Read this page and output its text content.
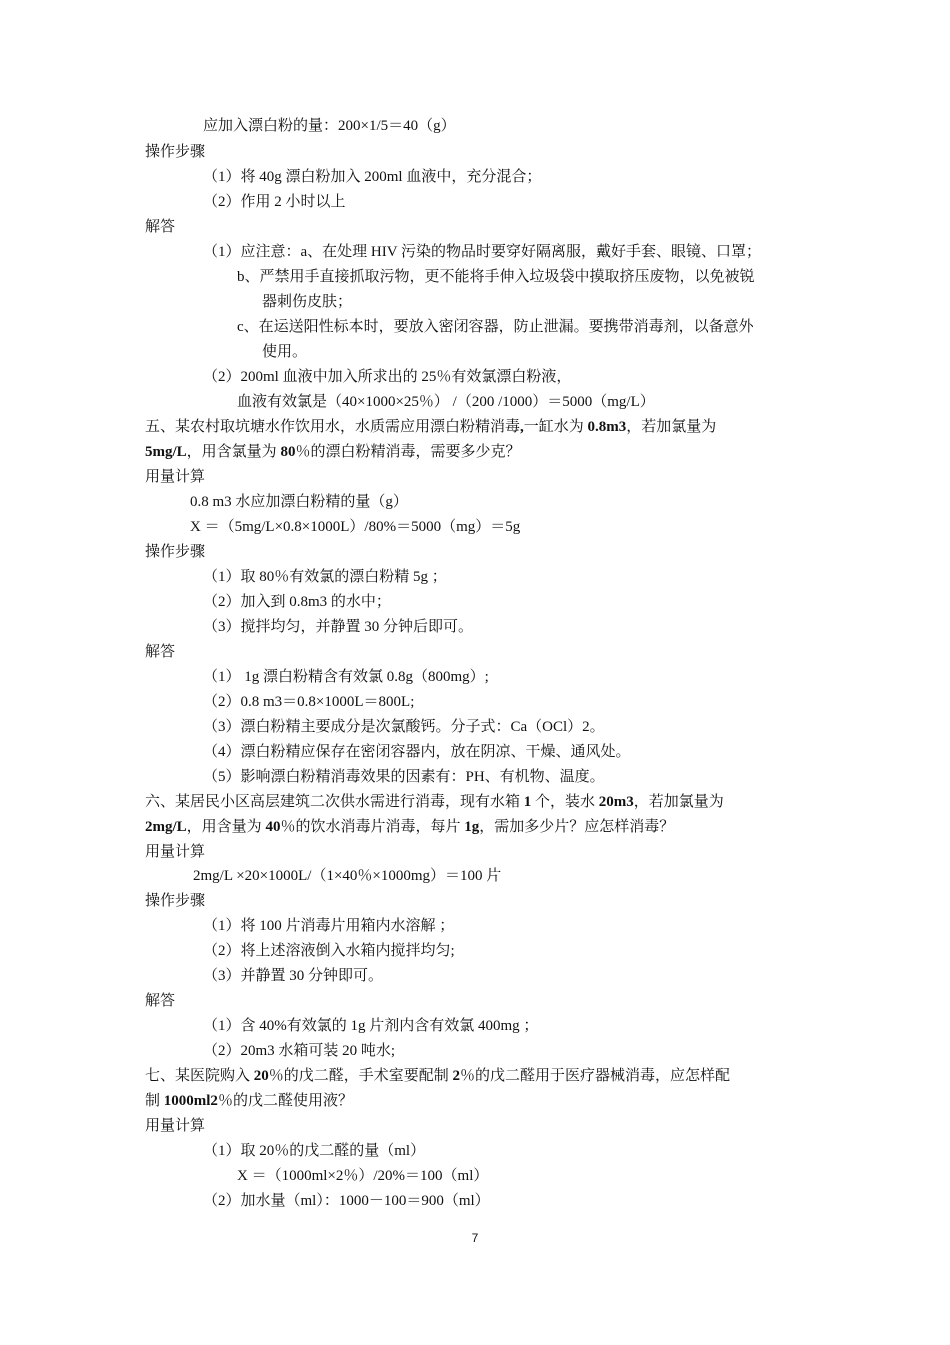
应加入漂白粉的量：200×1/5＝40（g）
操作步骤
（1）将 40g 漂白粉加入 200ml 血液中，充分混合；
（2）作用 2 小时以上
解答
（1）应注意：a、在处理 HIV 污染的物品时要穿好隔离服，戴好手套、眼镜、口罩；
b、严禁用手直接抓取污物，更不能将手伸入垃圾袋中摸取挤压废物，以免被锐
器刺伤皮肤；
c、在运送阳性标本时，要放入密闭容器，防止泄漏。要携带消毒剂，以备意外
使用。
（2）200ml 血液中加入所求出的 25％有效氯漂白粉液，
血液有效氯是（40×1000×25％） /（200 /1000）＝5000（mg/L）
五、某农村取坑塘水作饮用水，水质需应用漂白粉精消毒,一缸水为 0.8m3，若加氯量为
5mg/L，用含氯量为 80％的漂白粉精消毒，需要多少克？
用量计算
0.8 m3 水应加漂白粉精的量（g）
X ＝（5mg/L×0.8×1000L）/80%＝5000（mg）＝5g
操作步骤
（1）取 80％有效氯的漂白粉精 5g ；
（2）加入到 0.8m3 的水中；
（3）搅拌均匀，并静置 30 分钟后即可。
解答
（1） 1g 漂白粉精含有效氯 0.8g（800mg）;
（2）0.8 m3＝0.8×1000L＝800L;
（3）漂白粉精主要成分是次氯酸钙。分子式：Ca（OCl）2。
（4）漂白粉精应保存在密闭容器内，放在阴凉、干燥、通风处。
（5）影响漂白粉精消毒效果的因素有：PH、有机物、温度。
六、某居民小区高层建筑二次供水需进行消毒，现有水箱 1 个，装水 20m3，若加氯量为
2mg/L，用含量为 40％的饮水消毒片消毒，每片 1g，需加多少片？应怎样消毒？
用量计算
2mg/L ×20×1000L/（1×40％×1000mg）＝100 片
操作步骤
（1）将 100 片消毒片用箱内水溶解 ；
（2）将上述溶液倒入水箱内搅拌均匀;
（3）并静置 30 分钟即可。
解答
（1）含 40%有效氯的 1g 片剂内含有效氯 400mg ；
（2）20m3 水箱可装 20 吨水;
七、某医院购入 20％的戊二醛，手术室要配制 2％的戊二醛用于医疗器械消毒，应怎样配
制 1000ml2％的戊二醛使用液？
用量计算
（1）取 20％的戊二醛的量（ml）
X ＝（1000ml×2％）/20%＝100（ml）
（2）加水量（ml）：1000－100＝900（ml）
7
